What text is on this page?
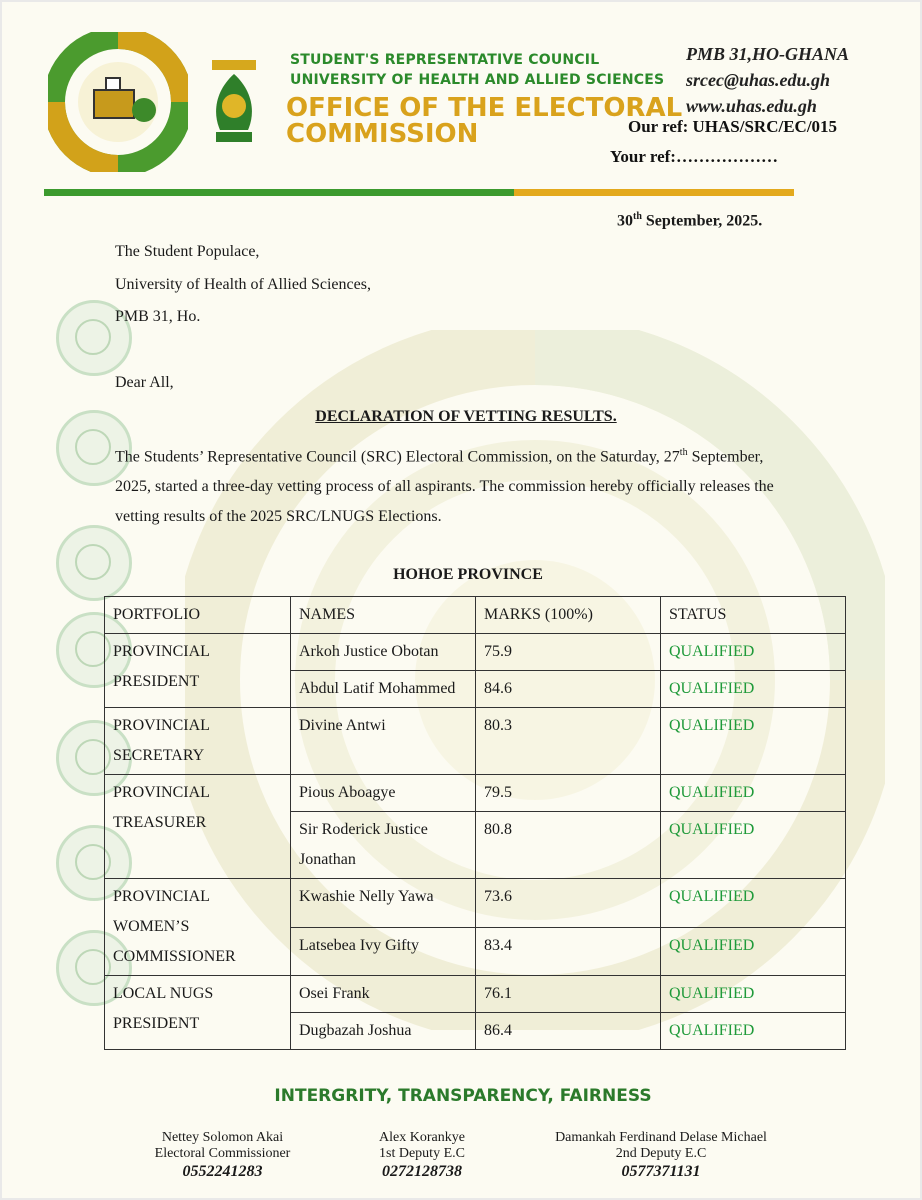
STUDENT'S REPRESENTATIVE COUNCIL
UNIVERSITY OF HEALTH AND ALLIED SCIENCES
OFFICE OF THE ELECTORAL
COMMISSION
PMB 31,HO-GHANA
srcec@uhas.edu.gh
www.uhas.edu.gh
Our ref: UHAS/SRC/EC/015
Your ref:………………
30th September, 2025.
The Student Populace,
University of Health of Allied Sciences,
PMB 31, Ho.
Dear All,
DECLARATION OF VETTING RESULTS.
The Students’ Representative Council (SRC) Electoral Commission, on the Saturday, 27th September, 2025, started a three-day vetting process of all aspirants. The commission hereby officially releases the vetting results of the 2025 SRC/LNUGS Elections.
HOHOE PROVINCE
PORTFOLIO	NAMES	MARKS (100%)	STATUS
PROVINCIAL PRESIDENT	Arkoh Justice Obotan	75.9	QUALIFIED
	Abdul Latif Mohammed	84.6	QUALIFIED
PROVINCIAL SECRETARY	Divine Antwi	80.3	QUALIFIED
PROVINCIAL TREASURER	Pious Aboagye	79.5	QUALIFIED
	Sir Roderick Justice Jonathan	80.8	QUALIFIED
PROVINCIAL WOMEN’S COMMISSIONER	Kwashie Nelly Yawa	73.6	QUALIFIED
	Latsebea Ivy Gifty	83.4	QUALIFIED
LOCAL NUGS PRESIDENT	Osei Frank	76.1	QUALIFIED
	Dugbazah Joshua	86.4	QUALIFIED
INTERGRITY, TRANSPARENCY, FAIRNESS
Nettey Solomon Akai
Electoral Commissioner
0552241283
Alex Korankye
1st Deputy E.C
0272128738
Damankah Ferdinand Delase Michael
2nd Deputy E.C
0577371131
